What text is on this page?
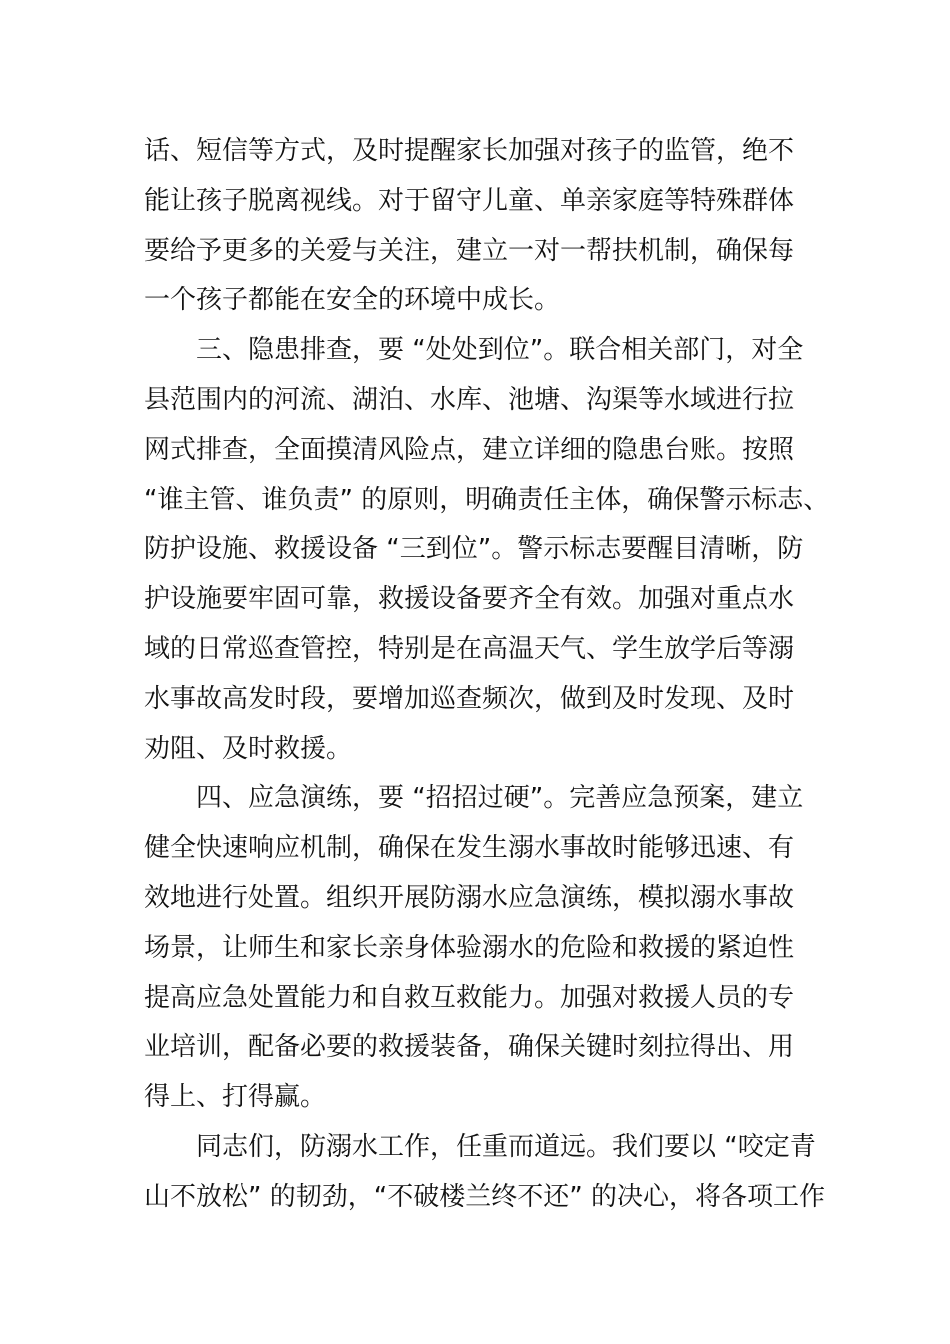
话、短信等方式，及时提醒家长加强对孩子的监管，绝不
能让孩子脱离视线。对于留守儿童、单亲家庭等特殊群体
要给予更多的关爱与关注，建立一对一帮扶机制，确保每
一个孩子都能在安全的环境中成长。
三、隐患排查，要 “处处到位”。联合相关部门，对全
县范围内的河流、湖泊、水库、池塘、沟渠等水域进行拉
网式排查，全面摸清风险点，建立详细的隐患台账。按照
“谁主管、谁负责” 的原则，明确责任主体，确保警示标志、
防护设施、救援设备 “三到位”。警示标志要醒目清晰，防
护设施要牢固可靠，救援设备要齐全有效。加强对重点水
域的日常巡查管控，特别是在高温天气、学生放学后等溺
水事故高发时段，要增加巡查频次，做到及时发现、及时
劝阻、及时救援。
四、应急演练，要 “招招过硬”。完善应急预案，建立
健全快速响应机制，确保在发生溺水事故时能够迅速、有
效地进行处置。组织开展防溺水应急演练，模拟溺水事故
场景，让师生和家长亲身体验溺水的危险和救援的紧迫性
提高应急处置能力和自救互救能力。加强对救援人员的专
业培训，配备必要的救援装备，确保关键时刻拉得出、用
得上、打得赢。
同志们，防溺水工作，任重而道远。我们要以 “咬定青
山不放松” 的韧劲，“不破楼兰终不还” 的决心，将各项工作
